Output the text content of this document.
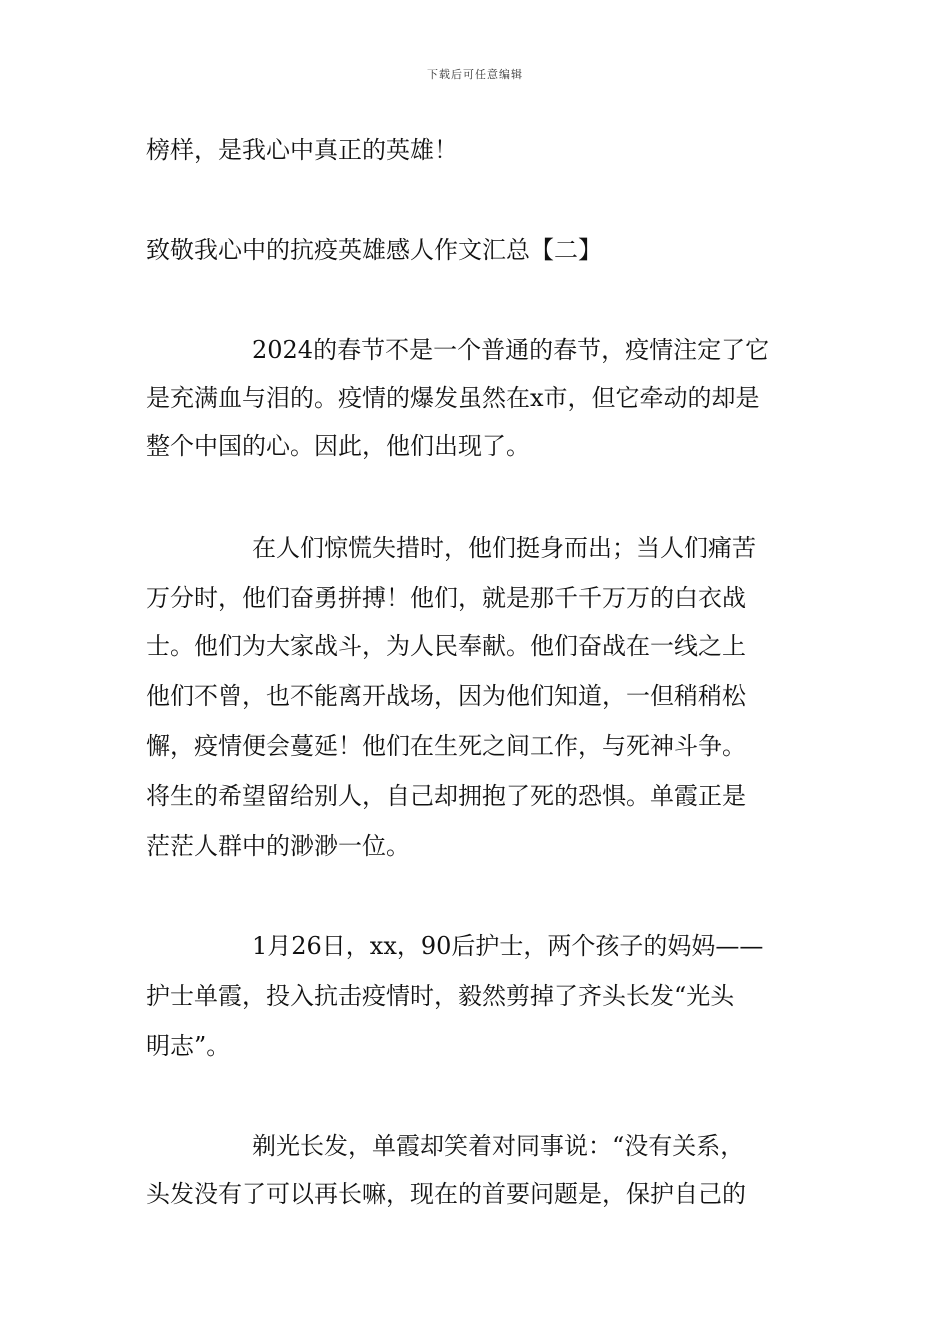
下载后可任意编辑
榜样，是我心中真正的英雄！
致敬我心中的抗疫英雄感人作文汇总【二】
2024的春节不是一个普通的春节，疫情注定了它
是充满血与泪的。疫情的爆发虽然在x市，但它牵动的却是
整个中国的心。因此，他们出现了。
在人们惊慌失措时，他们挺身而出；当人们痛苦
万分时，他们奋勇拼搏！他们，就是那千千万万的白衣战
士。他们为大家战斗，为人民奉献。他们奋战在一线之上
他们不曾，也不能离开战场，因为他们知道，一但稍稍松
懈，疫情便会蔓延！他们在生死之间工作，与死神斗争。
将生的希望留给别人，自己却拥抱了死的恐惧。单霞正是
茫茫人群中的渺渺一位。
1月26日，xx，90后护士，两个孩子的妈妈——
护士单霞，投入抗击疫情时，毅然剪掉了齐头长发“光头
明志”。
剃光长发，单霞却笑着对同事说：“没有关系，
头发没有了可以再长嘛，现在的首要问题是，保护自己的
